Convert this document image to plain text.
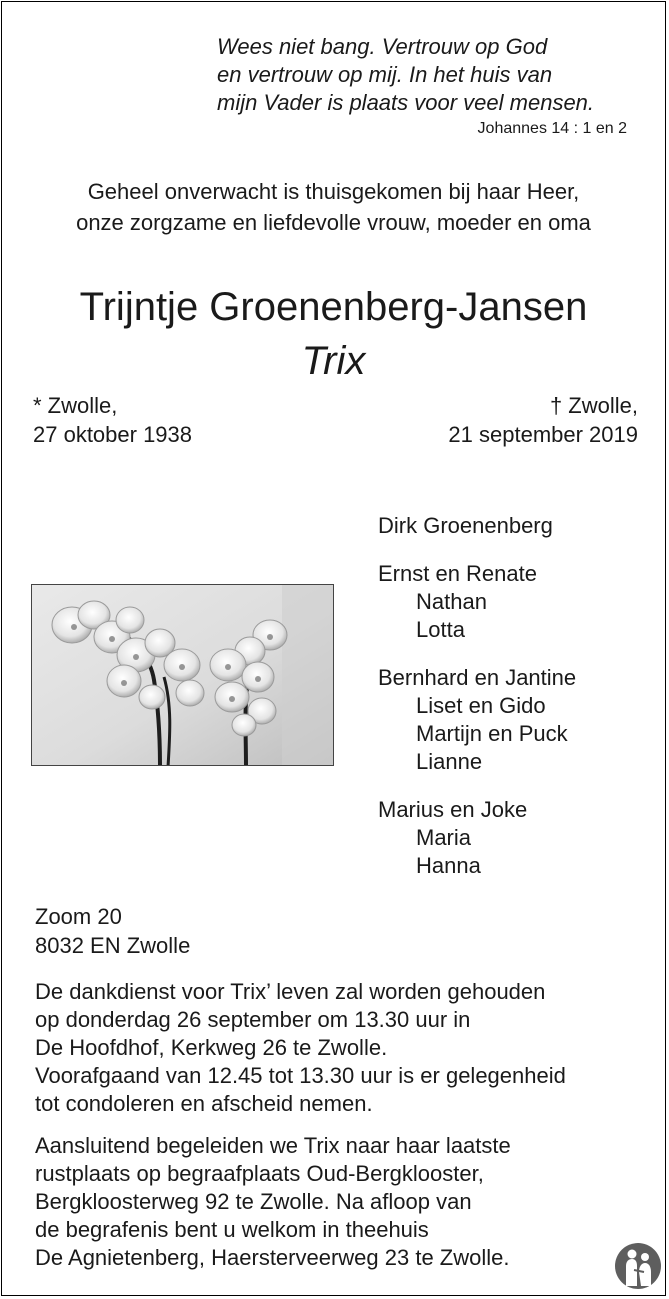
Wees niet bang. Vertrouw op God
en vertrouw op mij. In het huis van
mijn Vader is plaats voor veel mensen.
Johannes 14 : 1 en 2
Geheel onverwacht is thuisgekomen bij haar Heer,
onze zorgzame en liefdevolle vrouw, moeder en oma
Trijntje Groenenberg-Jansen
Trix
* Zwolle,
27 oktober 1938
† Zwolle,
21 september 2019
Dirk Groenenberg
Ernst en Renate
Nathan
Lotta
Bernhard en Jantine
Liset en Gido
Martijn en Puck
Lianne
Marius en Joke
Maria
Hanna
Zoom 20
8032 EN Zwolle
De dankdienst voor Trix’ leven zal worden gehouden
op donderdag 26 september om 13.30 uur in
De Hoofdhof, Kerkweg 26 te Zwolle.
Voorafgaand van 12.45 tot 13.30 uur is er gelegenheid
tot condoleren en afscheid nemen.
Aansluitend begeleiden we Trix naar haar laatste
rustplaats op begraafplaats Oud-Bergklooster,
Bergkloosterweg 92 te Zwolle. Na afloop van
de begrafenis bent u welkom in theehuis
De Agnietenberg, Haersterveerweg 23 te Zwolle.
